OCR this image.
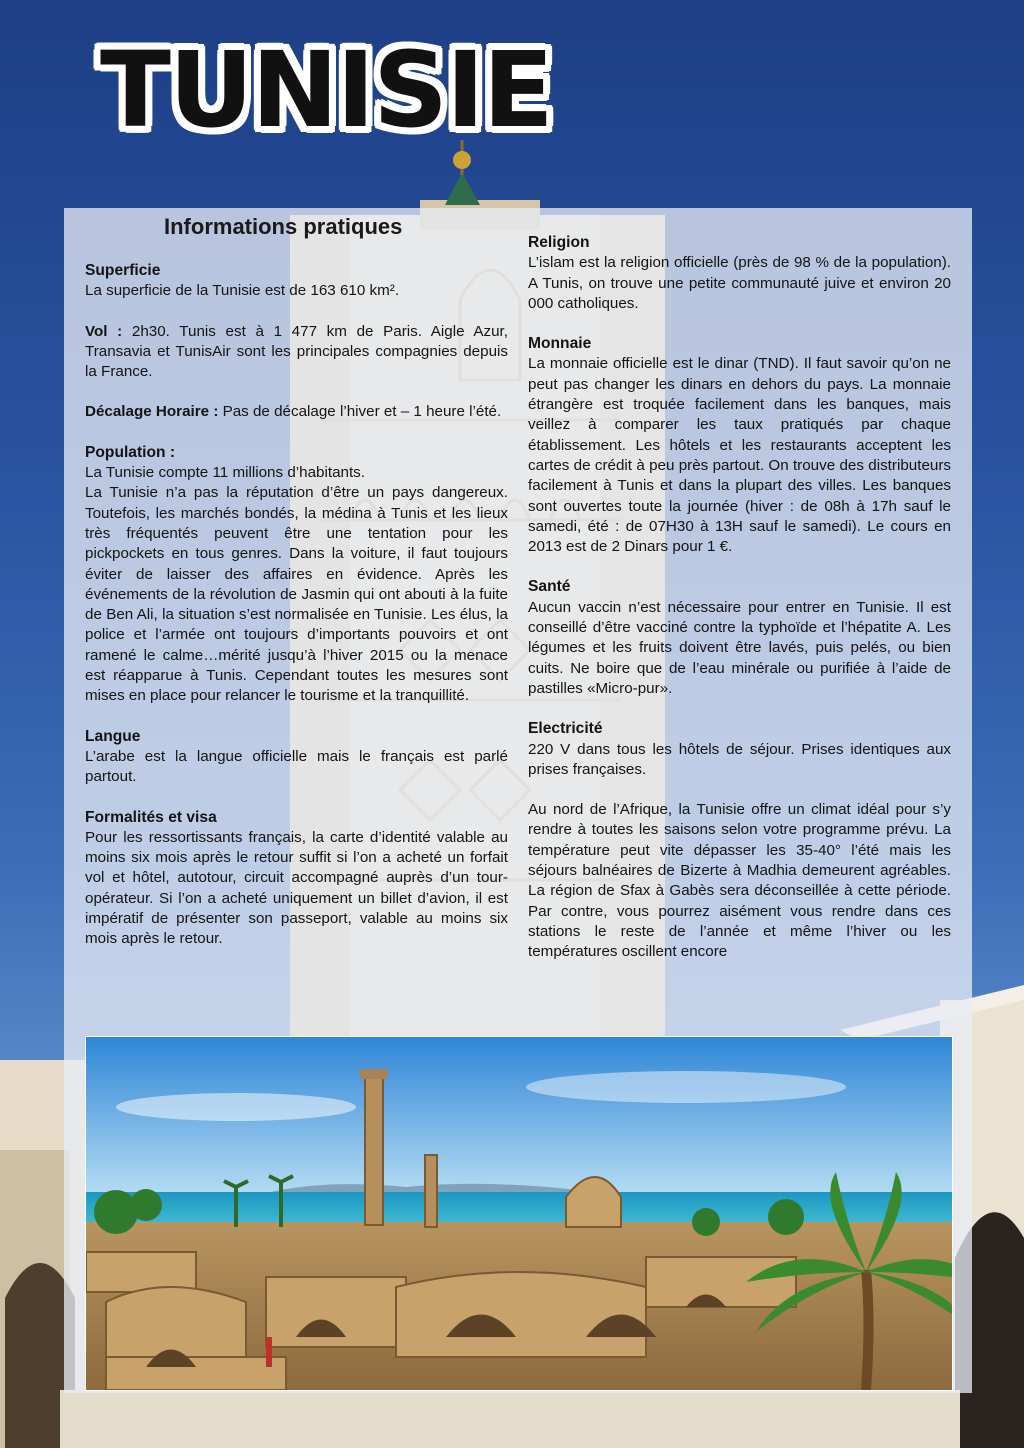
TUNISIE
Informations pratiques
Superficie

La superficie de la Tunisie est de 163 610 km².

Vol : 2h30. Tunis est à 1 477 km de Paris. Aigle Azur, Transavia et TunisAir sont les principales compagnies depuis la France.

Décalage Horaire : Pas de décalage l’hiver et – 1 heure l’été.

Population :

La Tunisie compte 11 millions d’habitants.

La Tunisie n’a pas la réputation d’être un pays dangereux. Toutefois, les marchés bondés, la médina à Tunis et les lieux très fréquentés peuvent être une tentation pour les pickpockets en tous genres. Dans la voiture, il faut toujours éviter de laisser des affaires en évidence. Après les événements de la révolution de Jasmin qui ont abouti à la fuite de Ben Ali, la situation s’est normalisée en Tunisie. Les élus, la police et l’armée ont toujours d’importants pouvoirs et ont ramené le calme…mérité jusqu’à l’hiver 2015 ou la menace est réapparue à Tunis. Cependant toutes les mesures sont mises en place pour relancer le tourisme et la tranquillité.

Langue

L’arabe est la langue officielle mais le français est parlé partout.

Formalités et visa

Pour les ressortissants français, la carte d’identité valable au moins six mois après le retour suffit si l’on a acheté un forfait vol et hôtel, autotour, circuit accompagné auprès d’un tour-opérateur. Si l’on a acheté uniquement un billet d’avion, il est impératif de présenter son passeport, valable au moins six mois après le retour.

Religion

L’islam est la religion officielle (près de 98 % de la population). A Tunis, on trouve une petite communauté juive et environ 20 000 catholiques.

Monnaie

La monnaie officielle est le dinar (TND). Il faut savoir qu’on ne peut pas changer les dinars en dehors du pays. La monnaie étrangère est troquée facilement dans les banques, mais veillez à comparer les taux pratiqués par chaque établissement. Les hôtels et les restaurants acceptent les cartes de crédit à peu près partout. On trouve des distributeurs facilement à Tunis et dans la plupart des villes. Les banques sont ouvertes toute la journée (hiver : de 08h à 17h sauf le samedi, été : de 07H30 à 13H sauf le samedi). Le cours en 2013 est de 2 Dinars pour 1 €.

Santé

Aucun vaccin n’est nécessaire pour entrer en Tunisie. Il est conseillé d’être vacciné contre la typhoïde et l’hépatite A. Les légumes et les fruits doivent être lavés, puis pelés, ou bien cuits. Ne boire que de l’eau minérale ou purifiée à l’aide de pastilles «Micro-pur».

Electricité

220 V dans tous les hôtels de séjour. Prises identiques aux prises françaises.

Au nord de l’Afrique, la Tunisie offre un climat idéal pour s’y rendre à toutes les saisons selon votre programme prévu. La température peut vite dépasser les 35-40° l’été mais les séjours balnéaires de Bizerte à Madhia demeurent agréables. La région de Sfax à Gabès sera déconseillée à cette période. Par contre, vous pourrez aisément vous rendre dans ces stations le reste de l’année et même l’hiver ou les températures oscillent encore
